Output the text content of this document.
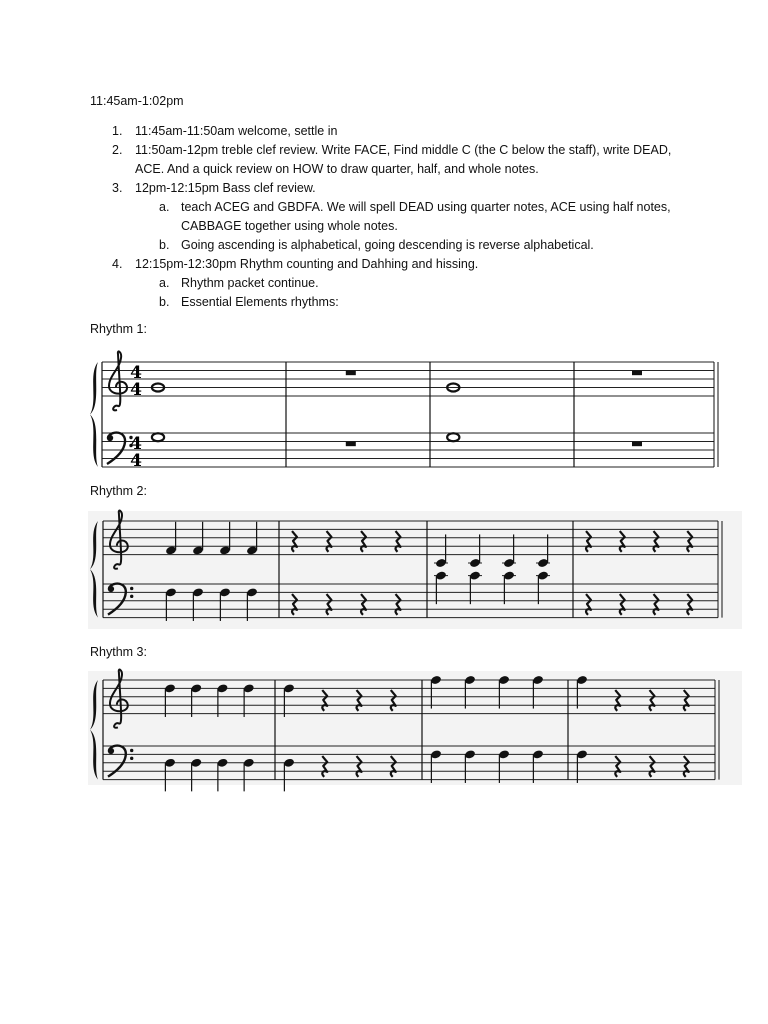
11:45am-1:02pm
1. 11:45am-11:50am welcome, settle in
2. 11:50am-12pm treble clef review. Write FACE, Find middle C (the C below the staff), write DEAD, ACE. And a quick review on HOW to draw quarter, half, and whole notes.
3. 12pm-12:15pm Bass clef review.
a. teach ACEG and GBDFA. We will spell DEAD using quarter notes, ACE using half notes, CABBAGE together using whole notes.
b. Going ascending is alphabetical, going descending is reverse alphabetical.
4. 12:15pm-12:30pm Rhythm counting and Dahhing and hissing.
a. Rhythm packet continue.
b. Essential Elements rhythms:
Rhythm 1:
Rhythm 2:
Rhythm 3:
4
4
4
4
